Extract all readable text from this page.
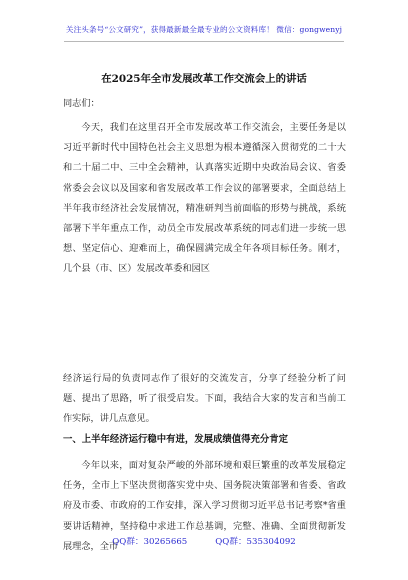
关注头条号“公文研究”，获得最新最全最专业的公文资料库！ 微信：gongwenyj
在2025年全市发展改革工作交流会上的讲话
同志们：
今天，我们在这里召开全市发展改革工作交流会，主要任务是以习近平新时代中国特色社会主义思想为根本遵循深入贯彻党的二十大和二十届二中、三中全会精神，认真落实近期中央政治局会议、省委常委会会议以及国家和省发展改革工作会议的部署要求，全面总结上半年我市经济社会发展情况，精准研判当前面临的形势与挑战，系统部署下半年重点工作，动员全市发展改革系统的同志们进一步统一思想、坚定信心、迎难而上，确保圆满完成全年各项目标任务。刚才，几个县（市、区）发展改革委和园区
经济运行局的负责同志作了很好的交流发言，分享了经验分析了问题、提出了思路，听了很受启发。下面，我结合大家的发言和当前工作实际，讲几点意见。
一、上半年经济运行稳中有进，发展成绩值得充分肯定
今年以来，面对复杂严峻的外部环境和艰巨繁重的改革发展稳定任务，全市上下坚决贯彻落实党中央、国务院决策部署和省委、省政府及市委、市政府的工作安排，深入学习贯彻习近平总书记考察*省重要讲话精神，坚持稳中求进工作总基调，完整、准确、全面贯彻新发展理念，全市
QQ群：30265665	QQ群：535304092
